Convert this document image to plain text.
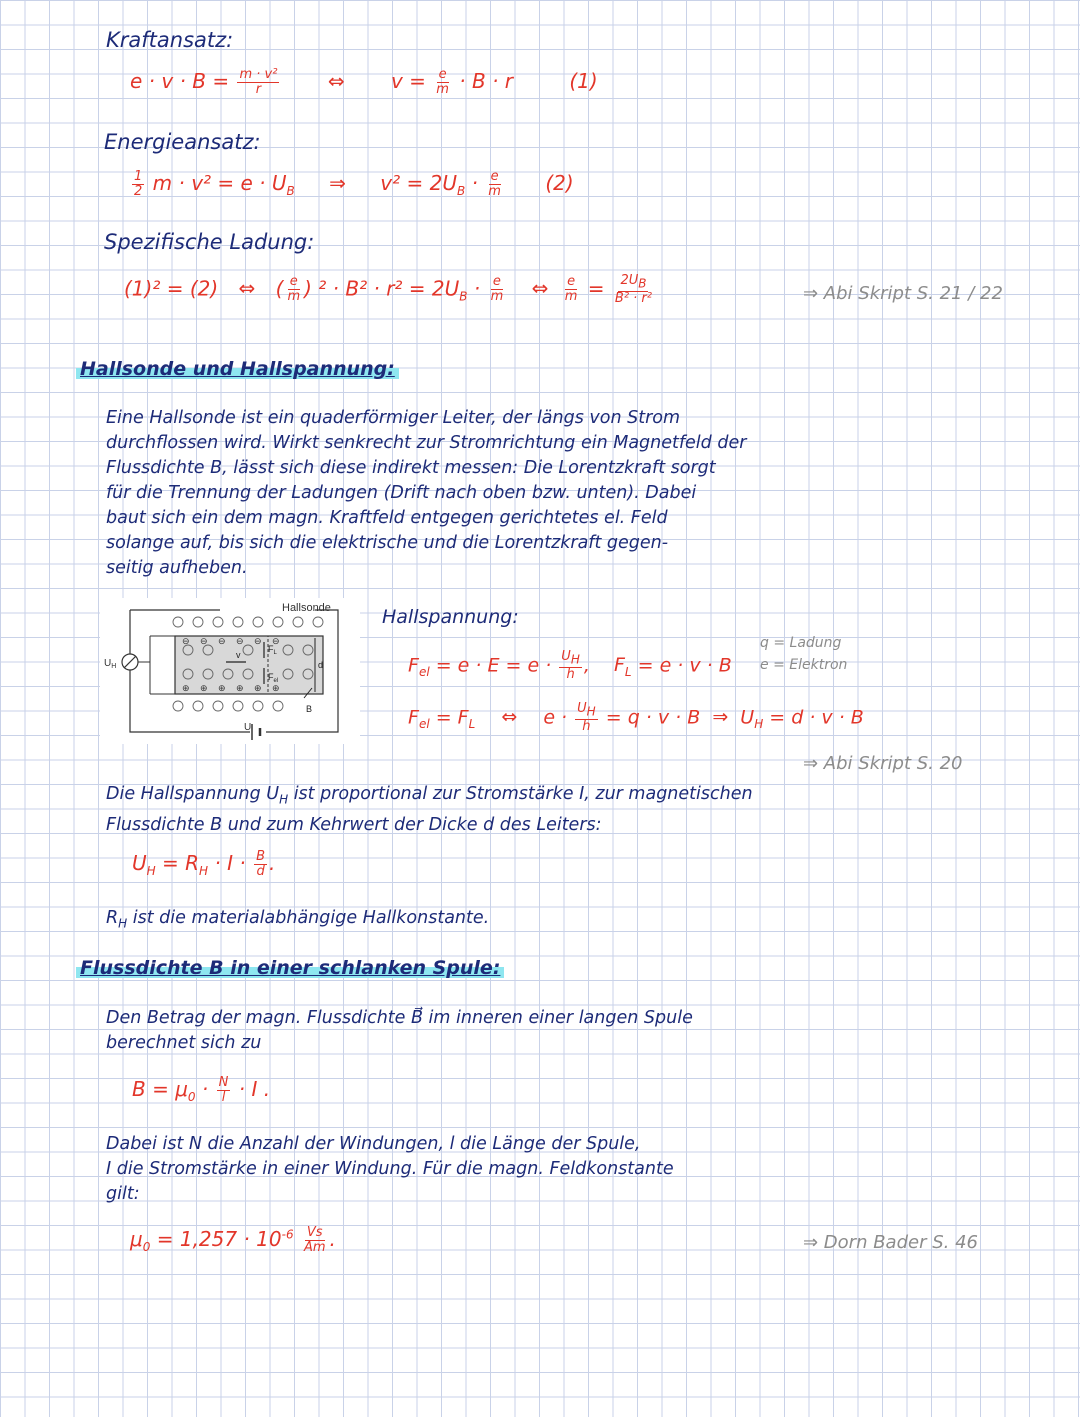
Kraftansatz:
$e \cdot v \cdot B = \frac{\text{m · v²}}{r}$ ⇔ $v = \frac{e}{m} \cdot B \cdot r$	(1)
Energieansatz:
$\frac{1}{2}$ $m \cdot v^2 = e \cdot U_B$ ⇒ $v^2 = 2U_B \cdot \frac{e}{m} (2)$
Spezifische Ladung:
(1)² = (2) ⇔ ( $\frac{e}{m}$ ) $^2 \cdot B^2 \cdot r^2 = 2U_B \cdot \frac{e}{m}$ ⇔ $\frac{e}{m} = \frac{2U_B}{\text{B² · r²}}$	⇒ Abi Skript S. 21 / 22
Hallsonde und Hallspannung:
Eine Hallsonde ist ein quaderförmiger Leiter, der längs von Strom
durchflossen wird. Wirkt senkrecht zur Stromrichtung ein Magnetfeld der
Flussdichte B, lässt sich diese indirekt messen: Die Lorentzkraft sorgt
für die Trennung der Ladungen (Drift nach oben bzw. unten). Dabei
baut sich ein dem magn. Kraftfeld entgegen gerichtetes el. Feld
solange auf, bis sich die elektrische und die Lorentzkraft gegen-
seitig aufheben.
⊖ ⊖ ⊖ ⊖ ⊖ ⊖
⊕ ⊕ ⊕ ⊕ ⊕ ⊕
Hallsonde
$U_H$
U
$F_L$
$F_{el}$
v
d
B
Hallspannung:
$F_{el} = e \cdot E = e \cdot \frac{U_H}{h}$ , $F_L = e \cdot v \cdot B$
$F_{el} = F_L$ ⇔ $e \cdot \frac{U_H}{h} = q \cdot v \cdot B$ ⇒ $U_H = d \cdot v \cdot B$
q = Ladung
e = Elektron
⇒ Abi Skript S. 20
Die Hallspannung $U_H$ ist proportional zur Stromstärke I, zur magnetischen
Flussdichte B und zum Kehrwert der Dicke d des Leiters:
$U_H = R_H \cdot I \cdot \frac{B}{d}$ .
$R_H$ ist die materialabhängige Hallkonstante.
Flussdichte B in einer schlanken Spule:
Den Betrag der magn. Flussdichte B⃗ im inneren einer langen Spule
berechnet sich zu
$B = \mu_0 \cdot \frac{N}{l} \cdot I$ .
Dabei ist N die Anzahl der Windungen, l die Länge der Spule,
I die Stromstärke in einer Windung. Für die magn. Feldkonstante
gilt:
$\mu_0 = 1,257 \cdot 10^{-6} \frac{Vs}{Am}$ .	⇒ Dorn Bader S. 46
